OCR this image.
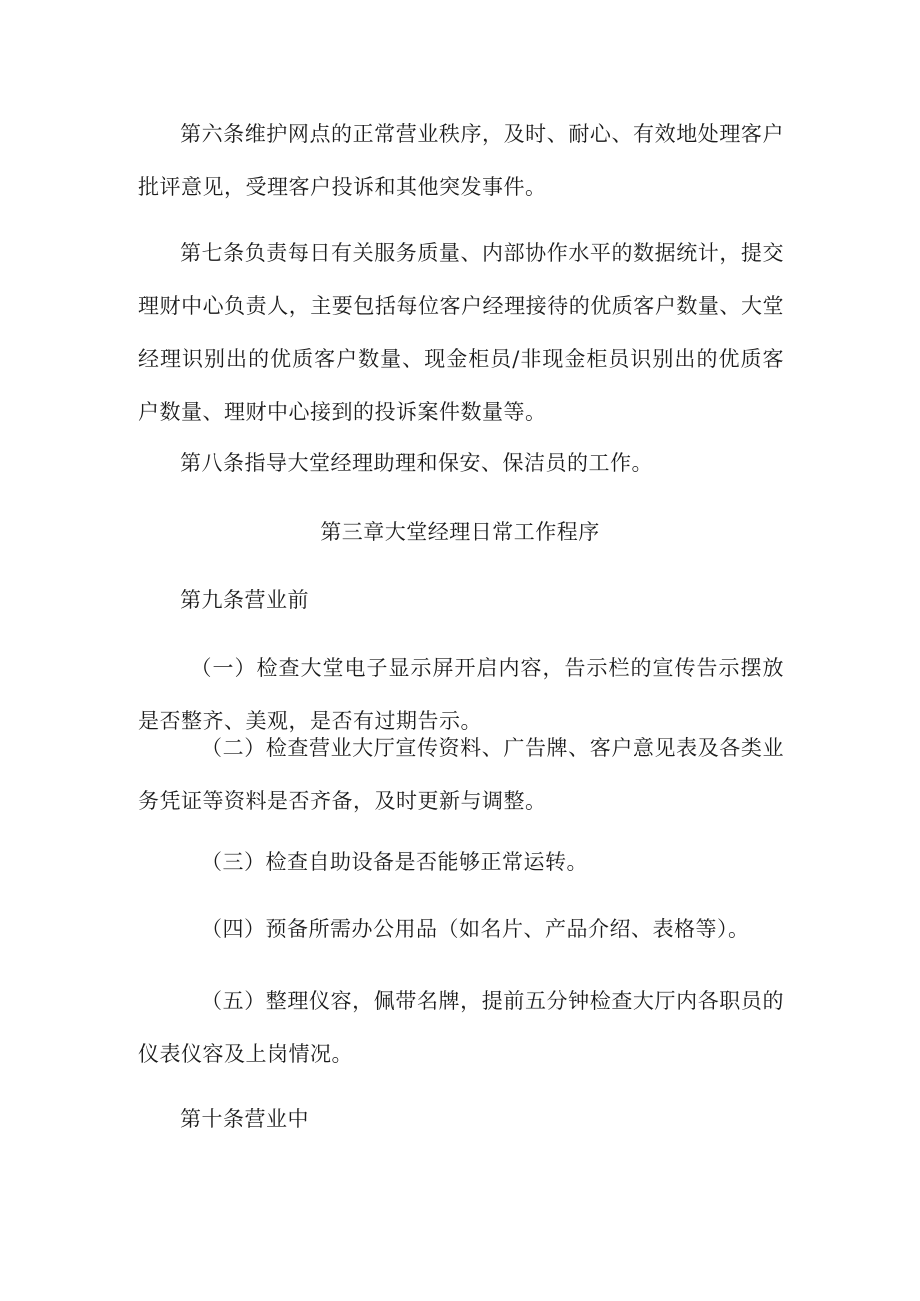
第六条维护网点的正常营业秩序，及时、耐心、有效地处理客户批评意见，受理客户投诉和其他突发事件。

第七条负责每日有关服务质量、内部协作水平的数据统计，提交理财中心负责人，主要包括每位客户经理接待的优质客户数量、大堂经理识别出的优质客户数量、现金柜员/非现金柜员识别出的优质客户数量、理财中心接到的投诉案件数量等。

第八条指导大堂经理助理和保安、保洁员的工作。

第三章大堂经理日常工作程序

第九条营业前

（一）检查大堂电子显示屏开启内容，告示栏的宣传告示摆放是否整齐、美观，是否有过期告示。

（二）检查营业大厅宣传资料、广告牌、客户意见表及各类业务凭证等资料是否齐备，及时更新与调整。

（三）检查自助设备是否能够正常运转。

（四）预备所需办公用品（如名片、产品介绍、表格等）。

（五）整理仪容，佩带名牌，提前五分钟检查大厅内各职员的仪表仪容及上岗情况。

第十条营业中
